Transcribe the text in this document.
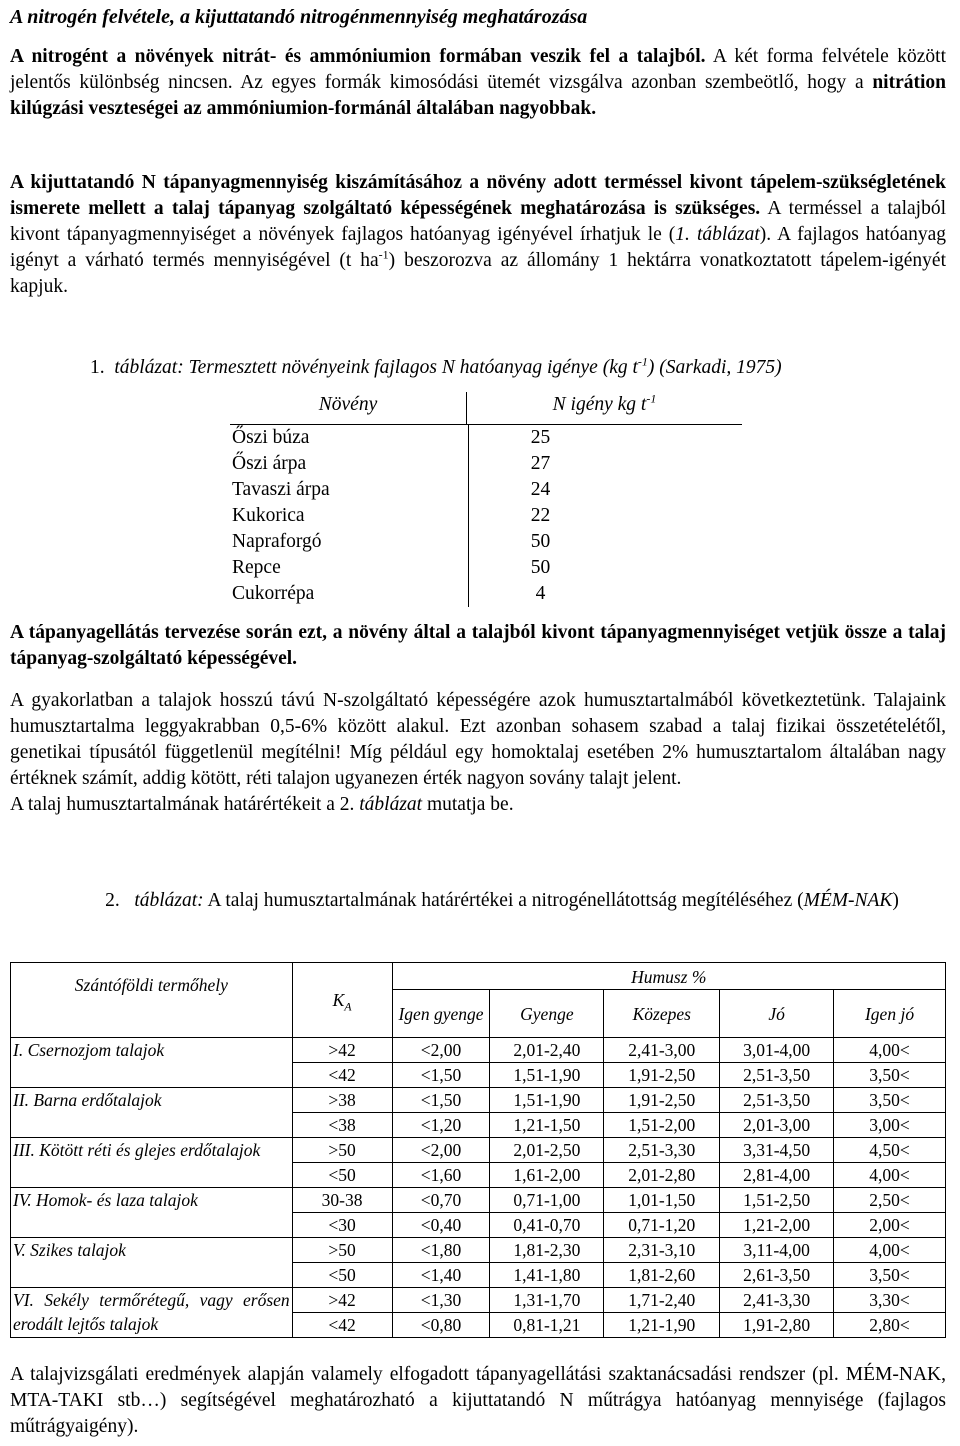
A nitrogén felvétele, a kijuttatandó nitrogénmennyiség meghatározása

A nitrogént a növények nitrát- és ammóniumion formában veszik fel a talajból. A két forma felvétele között jelentős különbség nincsen. Az egyes formák kimosódási ütemét vizsgálva azonban szembeötlő, hogy a nitrátion kilúgzási veszteségei az ammóniumion-formánál általában nagyobbak.

A kijuttatandó N tápanyagmennyiség kiszámításához a növény adott terméssel kivont tápelem-szükségletének ismerete mellett a talaj tápanyag szolgáltató képességének meghatározása is szükséges. A terméssel a talajból kivont tápanyagmennyiséget a növények fajlagos hatóanyag igényével írhatjuk le (1. táblázat). A fajlagos hatóanyag igényt a várható termés mennyiségével (t $ha^{-1}$) beszorozva az állomány 1 hektárra vonatkoztatott tápelem-igényét kapjuk.

1. táblázat: Termesztett növényeink fajlagos N hatóanyag igénye (kg $t^{-1}$) (Sarkadi, 1975)

Növény	N igény kg $t^{-1}$
Őszi búza	25
Őszi árpa	27
Tavaszi árpa	24
Kukorica	22
Napraforgó	50
Repce	50
Cukorrépa	4

A tápanyagellátás tervezése során ezt, a növény által a talajból kivont tápanyagmennyiséget vetjük össze a talaj tápanyag-szolgáltató képességével.

A gyakorlatban a talajok hosszú távú N-szolgáltató képességére azok humusztartalmából következtetünk. Talajaink humusztartalma leggyakrabban 0,5-6% között alakul. Ezt azonban sohasem szabad a talaj fizikai összetételétől, genetikai típusától függetlenül megítélni! Míg például egy homoktalaj esetében 2% humusztartalom általában nagy értéknek számít, addig kötött, réti talajon ugyanezen érték nagyon sovány talajt jelent.
A talaj humusztartalmának határértékeit a 2. táblázat mutatja be.

2. táblázat: A talaj humusztartalmának határértékei a nitrogénellátottság megítéléséhez (MÉM-NAK)

Szántóföldi termőhely	$K_A$	Humusz %				
		Igen gyenge	Gyenge	Közepes	Jó	Igen jó
I. Csernozjom talajok	>42	<2,00	2,01-2,40	2,41-3,00	3,01-4,00	4,00<
	<42	<1,50	1,51-1,90	1,91-2,50	2,51-3,50	3,50<
II. Barna erdőtalajok	>38	<1,50	1,51-1,90	1,91-2,50	2,51-3,50	3,50<
	<38	<1,20	1,21-1,50	1,51-2,00	2,01-3,00	3,00<
III. Kötött réti és glejes erdőtalajok	>50	<2,00	2,01-2,50	2,51-3,30	3,31-4,50	4,50<
	<50	<1,60	1,61-2,00	2,01-2,80	2,81-4,00	4,00<
IV. Homok- és laza talajok	30-38	<0,70	0,71-1,00	1,01-1,50	1,51-2,50	2,50<
	<30	<0,40	0,41-0,70	0,71-1,20	1,21-2,00	2,00<
V. Szikes talajok	>50	<1,80	1,81-2,30	2,31-3,10	3,11-4,00	4,00<
	<50	<1,40	1,41-1,80	1,81-2,60	2,61-3,50	3,50<
VI. Sekély termőrétegű, vagy erősen erodált lejtős talajok	>42	<1,30	1,31-1,70	1,71-2,40	2,41-3,30	3,30<
	<42	<0,80	0,81-1,21	1,21-1,90	1,91-2,80	2,80<

A talajvizsgálati eredmények alapján valamely elfogadott tápanyagellátási szaktanácsadási rendszer (pl. MÉM-NAK, MTA-TAKI stb…) segítségével meghatározható a kijuttatandó N műtrágya hatóanyag mennyisége (fajlagos műtrágyaigény).
